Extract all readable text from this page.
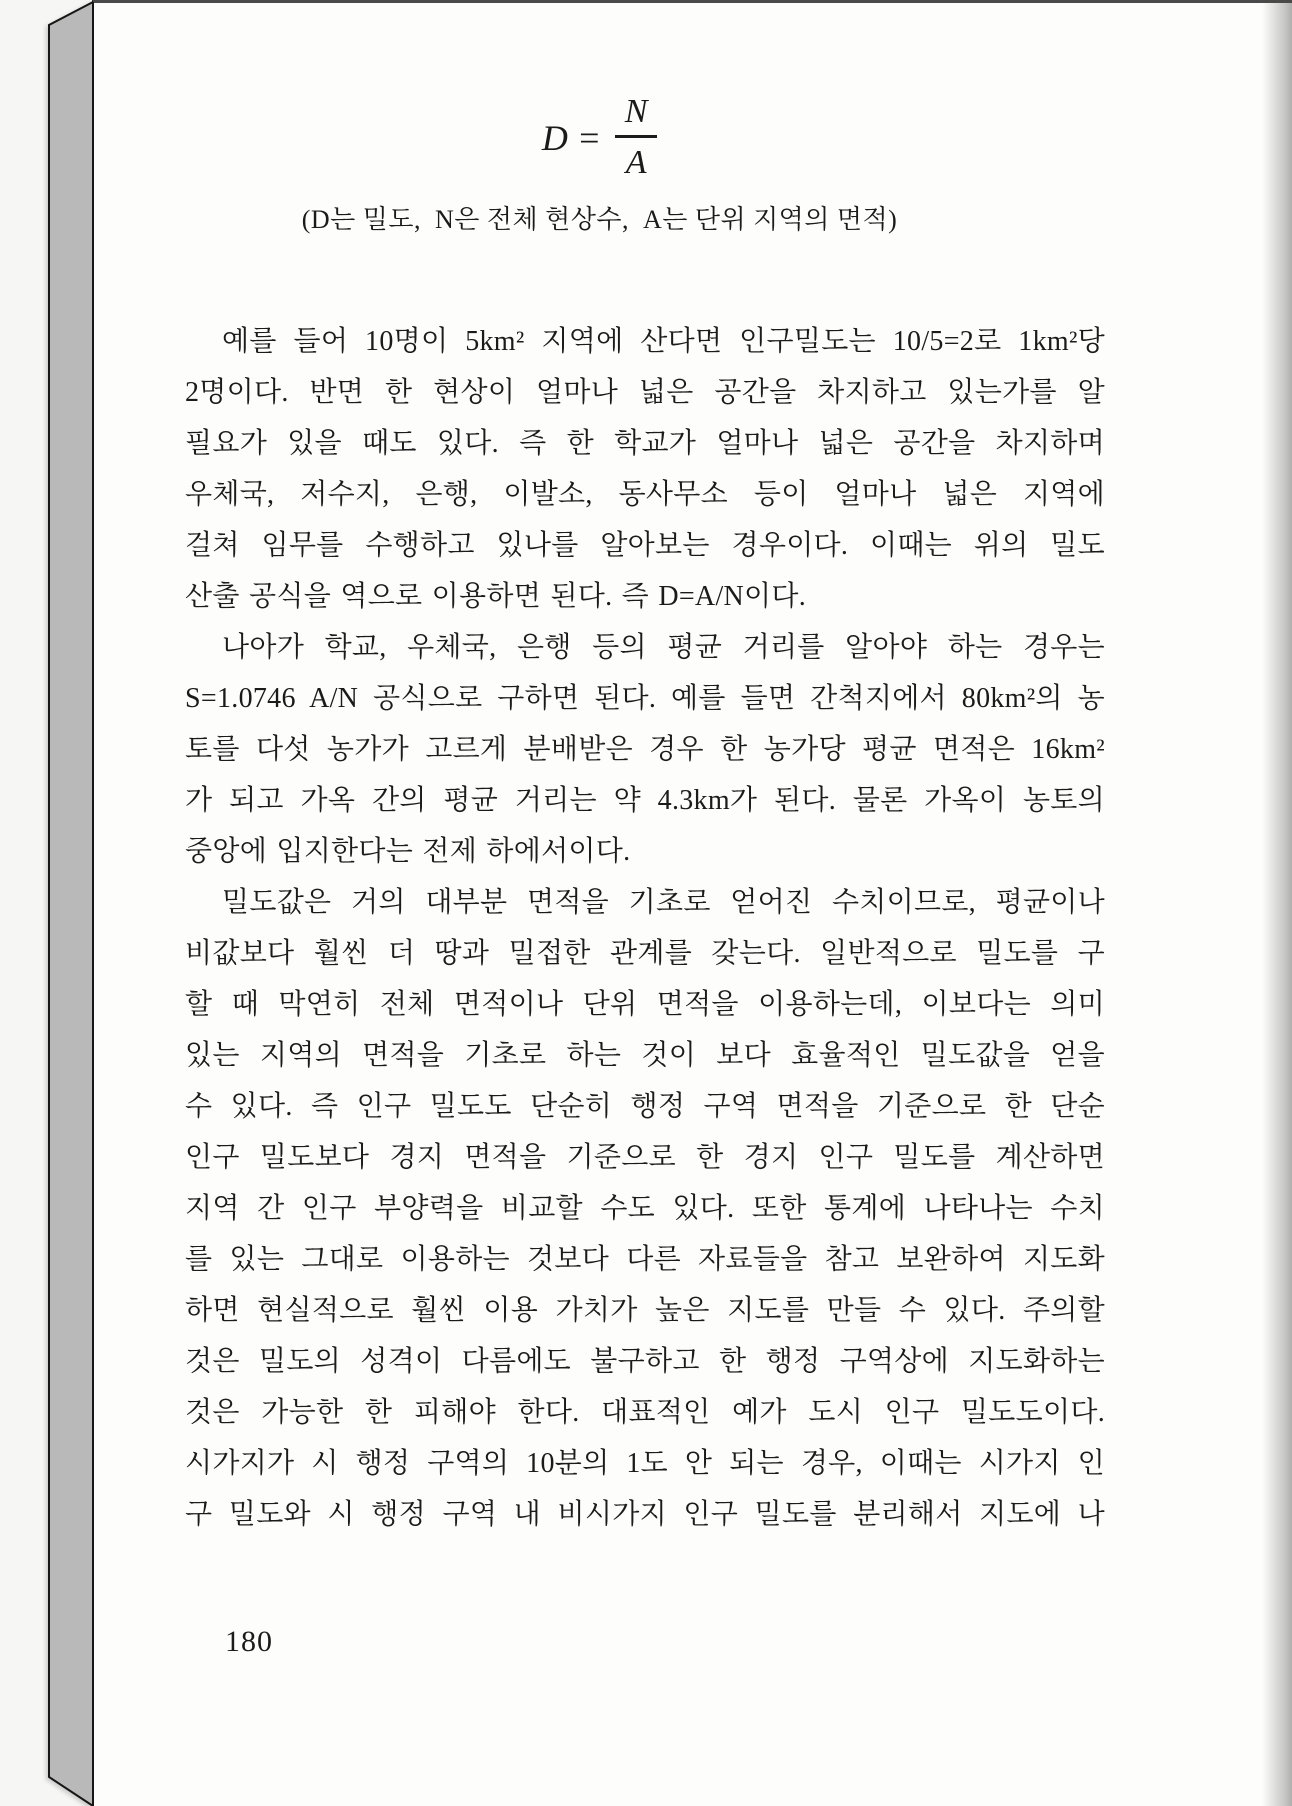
$D = \frac{N}{A}$
(D는 밀도,  N은 전체 현상수,  A는 단위 지역의 면적)
예를 들어 10명이 5km² 지역에 산다면 인구밀도는 10/5=2로 1km²당
2명이다. 반면 한 현상이 얼마나 넓은 공간을 차지하고 있는가를 알
필요가 있을 때도 있다. 즉 한 학교가 얼마나 넓은 공간을 차지하며
우체국, 저수지, 은행, 이발소, 동사무소 등이 얼마나 넓은 지역에
걸쳐 임무를 수행하고 있나를 알아보는 경우이다. 이때는 위의 밀도
산출 공식을 역으로 이용하면 된다. 즉 D=A/N이다.
나아가 학교, 우체국, 은행 등의 평균 거리를 알아야 하는 경우는
S=1.0746 A/N 공식으로 구하면 된다. 예를 들면 간척지에서 80km²의 농
토를 다섯 농가가 고르게 분배받은 경우 한 농가당 평균 면적은 16km²
가 되고 가옥 간의 평균 거리는 약 4.3km가 된다. 물론 가옥이 농토의
중앙에 입지한다는 전제 하에서이다.
밀도값은 거의 대부분 면적을 기초로 얻어진 수치이므로, 평균이나
비값보다 훨씬 더 땅과 밀접한 관계를 갖는다. 일반적으로 밀도를 구
할 때 막연히 전체 면적이나 단위 면적을 이용하는데, 이보다는 의미
있는 지역의 면적을 기초로 하는 것이 보다 효율적인 밀도값을 얻을
수 있다. 즉 인구 밀도도 단순히 행정 구역 면적을 기준으로 한 단순
인구 밀도보다 경지 면적을 기준으로 한 경지 인구 밀도를 계산하면
지역 간 인구 부양력을 비교할 수도 있다. 또한 통계에 나타나는 수치
를 있는 그대로 이용하는 것보다 다른 자료들을 참고 보완하여 지도화
하면 현실적으로 훨씬 이용 가치가 높은 지도를 만들 수 있다. 주의할
것은 밀도의 성격이 다름에도 불구하고 한 행정 구역상에 지도화하는
것은 가능한 한 피해야 한다. 대표적인 예가 도시 인구 밀도도이다.
시가지가 시 행정 구역의 10분의 1도 안 되는 경우, 이때는 시가지 인
구 밀도와 시 행정 구역 내 비시가지 인구 밀도를 분리해서 지도에 나
180
